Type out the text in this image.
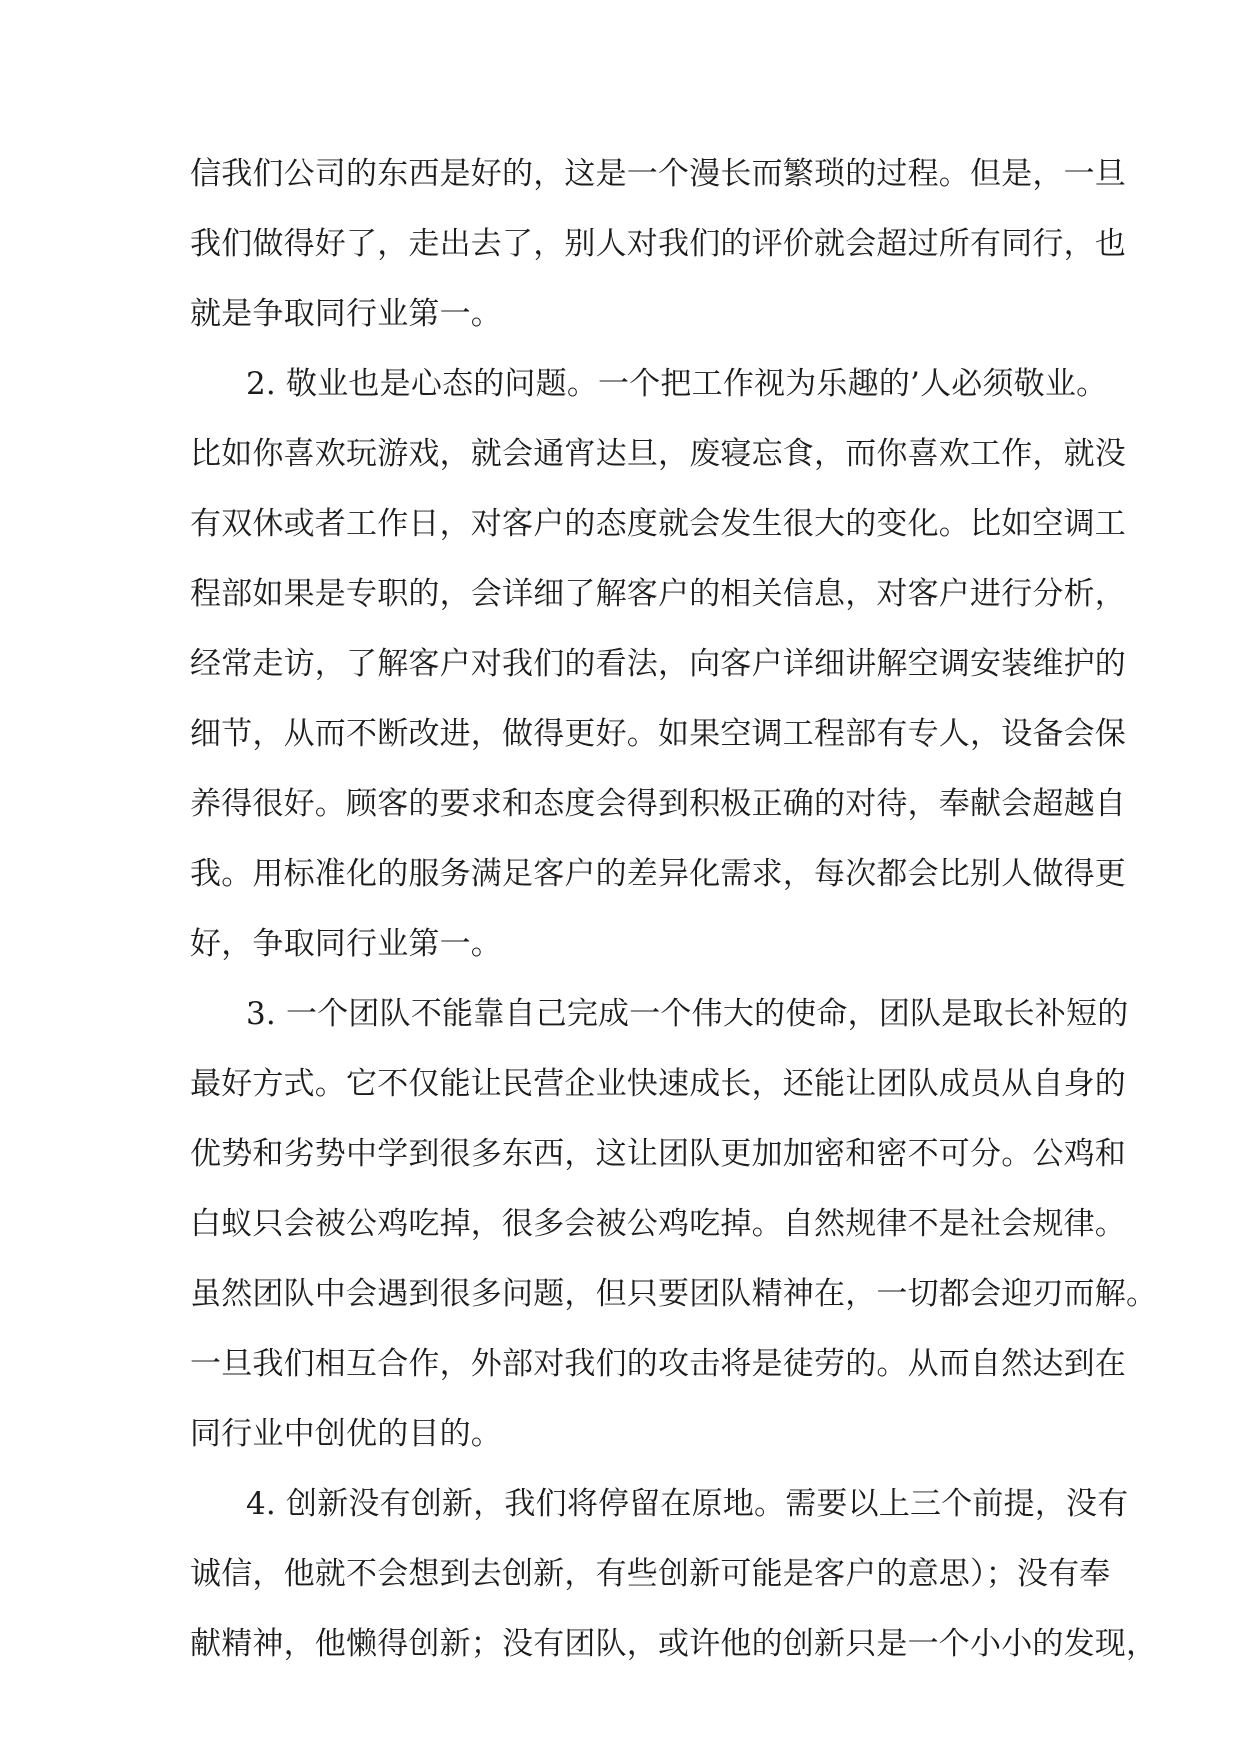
信我们公司的东西是好的，这是一个漫长而繁琐的过程。但是，一旦
我们做得好了，走出去了，别人对我们的评价就会超过所有同行，也
就是争取同行业第一。
2. 敬业也是心态的问题。一个把工作视为乐趣的’人必须敬业。
比如你喜欢玩游戏，就会通宵达旦，废寝忘食，而你喜欢工作，就没
有双休或者工作日，对客户的态度就会发生很大的变化。比如空调工
程部如果是专职的，会详细了解客户的相关信息，对客户进行分析，
经常走访，了解客户对我们的看法，向客户详细讲解空调安装维护的
细节，从而不断改进，做得更好。如果空调工程部有专人，设备会保
养得很好。顾客的要求和态度会得到积极正确的对待，奉献会超越自
我。用标准化的服务满足客户的差异化需求，每次都会比别人做得更
好，争取同行业第一。
3. 一个团队不能靠自己完成一个伟大的使命，团队是取长补短的
最好方式。它不仅能让民营企业快速成长，还能让团队成员从自身的
优势和劣势中学到很多东西，这让团队更加加密和密不可分。公鸡和
白蚁只会被公鸡吃掉，很多会被公鸡吃掉。自然规律不是社会规律。
虽然团队中会遇到很多问题，但只要团队精神在，一切都会迎刃而解。
一旦我们相互合作，外部对我们的攻击将是徒劳的。从而自然达到在
同行业中创优的目的。
4. 创新没有创新，我们将停留在原地。需要以上三个前提，没有
诚信，他就不会想到去创新，有些创新可能是客户的意思）；没有奉
献精神，他懒得创新；没有团队，或许他的创新只是一个小小的发现，
